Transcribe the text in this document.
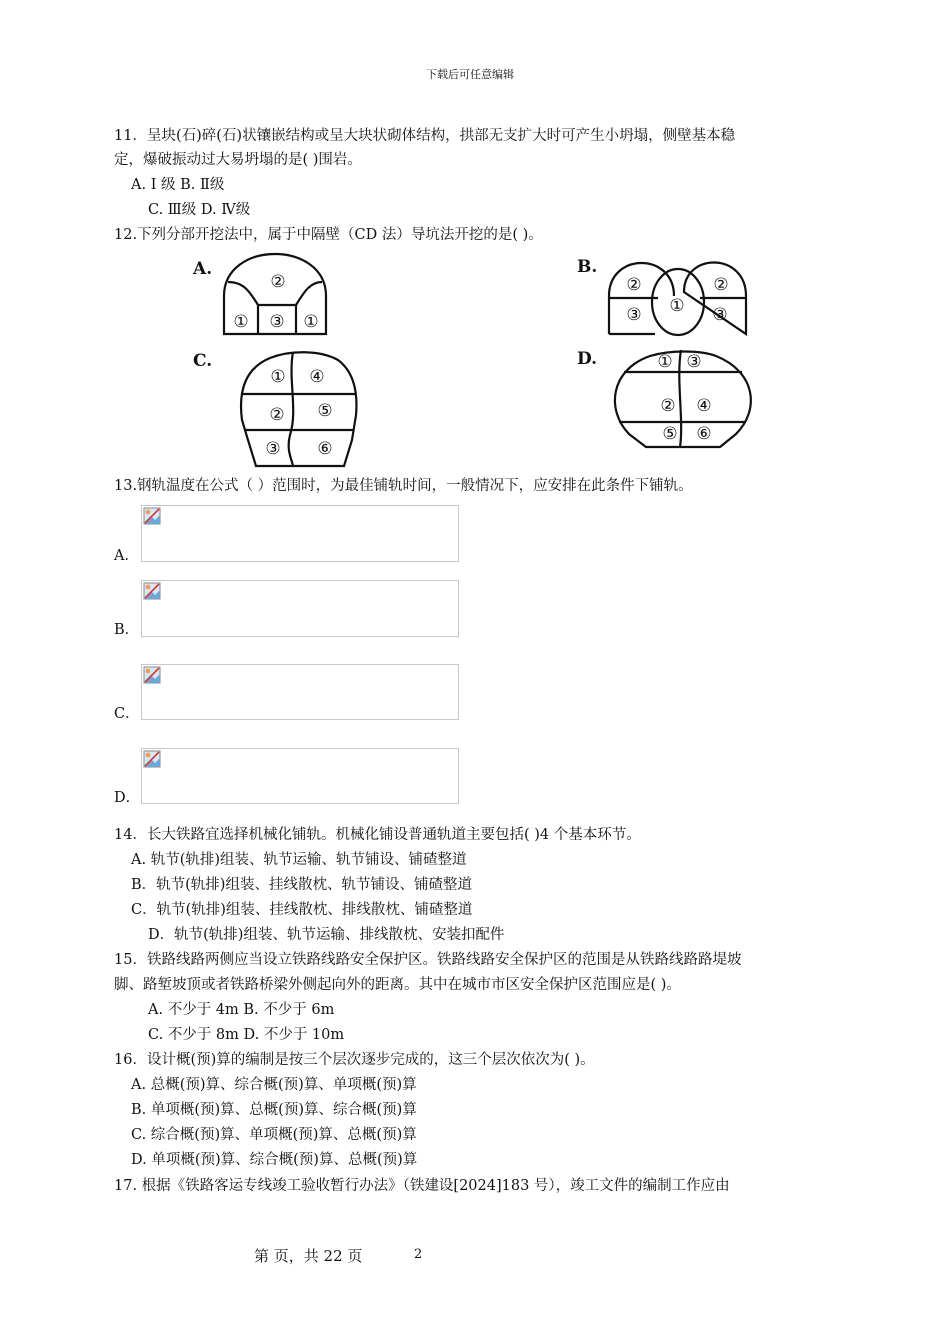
下载后可任意编辑
11．呈块(石)碎(石)状镶嵌结构或呈大块状砌体结构，拱部无支扩大时可产生小坍塌，侧壁基本稳
定，爆破振动过大易坍塌的是( )围岩。
A. I 级 B. Ⅱ级
C. Ⅲ级 D. Ⅳ级
12.下列分部开挖法中，属于中隔壁（CD 法）导坑法开挖的是( )。
A.	B.
C.	D.
②
① ③ ①
②
③ ①
②
③
① ④
② ⑤
③ ⑥
① ③
② ④
⑤ ⑥
13.钢轨温度在公式（ ）范围时，为最佳铺轨时间，一般情况下，应安排在此条件下铺轨。
A．
B．
C．
D．
14．长大铁路宜选择机械化铺轨。机械化铺设普通轨道主要包括( )4 个基本环节。
A. 轨节(轨排)组装、轨节运输、轨节铺设、铺碴整道
B．轨节(轨排)组装、挂线散枕、轨节铺设、铺碴整道
C．轨节(轨排)组装、挂线散枕、排线散枕、铺碴整道
D．轨节(轨排)组装、轨节运输、排线散枕、安装扣配件
15．铁路线路两侧应当设立铁路线路安全保护区。铁路线路安全保护区的范围是从铁路线路路堤坡
脚、路堑坡顶或者铁路桥梁外侧起向外的距离。其中在城市市区安全保护区范围应是( )。
A. 不少于 4m B. 不少于 6m
C. 不少于 8m D. 不少于 10m
16．设计概(预)算的编制是按三个层次逐步完成的，这三个层次依次为( )。
A. 总概(预)算、综合概(预)算、单项概(预)算
B. 单项概(预)算、总概(预)算、综合概(预)算
C. 综合概(预)算、单项概(预)算、总概(预)算
D. 单项概(预)算、综合概(预)算、总概(预)算
17. 根据《铁路客运专线竣工验收暂行办法》（铁建设[2024]183 号），竣工文件的编制工作应由
第 页，共 22 页	2
